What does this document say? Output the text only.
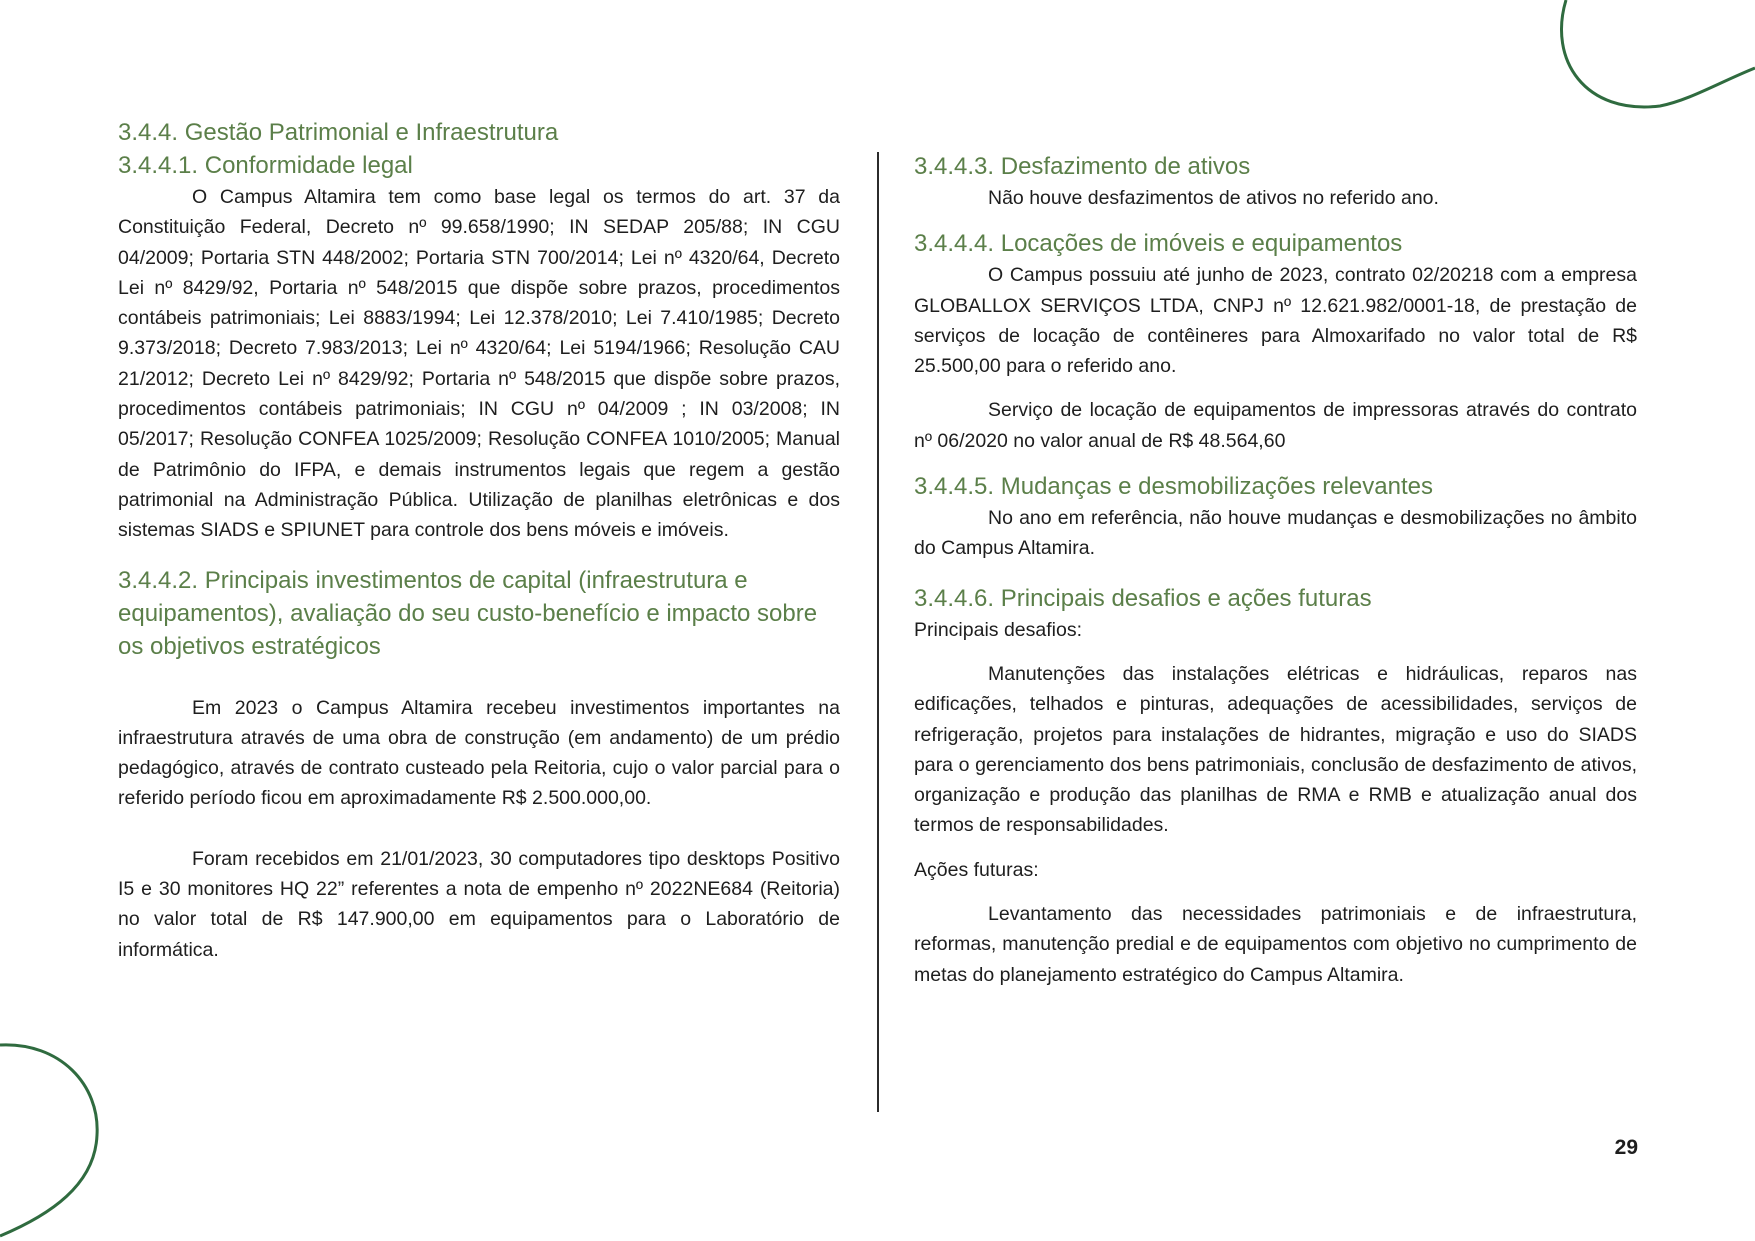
3.4.4. Gestão Patrimonial e Infraestrutura
3.4.4.1. Conformidade legal

O Campus Altamira tem como base legal os termos do art. 37 da Constituição Federal, Decreto nº 99.658/1990; IN SEDAP 205/88; IN CGU 04/2009; Portaria STN 448/2002; Portaria STN 700/2014; Lei nº 4320/64, Decreto Lei nº 8429/92, Portaria nº 548/2015 que dispõe sobre prazos, procedimentos contábeis patrimoniais; Lei 8883/1994; Lei 12.378/2010; Lei 7.410/1985; Decreto 9.373/2018; Decreto 7.983/2013; Lei nº 4320/64; Lei 5194/1966; Resolução CAU 21/2012; Decreto Lei nº 8429/92; Portaria nº 548/2015 que dispõe sobre prazos, procedimentos contábeis patrimoniais; IN CGU nº 04/2009 ; IN 03/2008; IN 05/2017; Resolução CONFEA 1025/2009; Resolução CONFEA 1010/2005; Manual de Patrimônio do IFPA, e demais instrumentos legais que regem a gestão patrimonial na Administração Pública. Utilização de planilhas eletrônicas e dos sistemas SIADS e SPIUNET para controle dos bens móveis e imóveis.

3.4.4.2. Principais investimentos de capital (infraestrutura e equipamentos), avaliação do seu custo-benefício e impacto sobre os objetivos estratégicos

Em 2023 o Campus Altamira recebeu investimentos importantes na infraestrutura através de uma obra de construção (em andamento) de um prédio pedagógico, através de contrato custeado pela Reitoria, cujo o valor parcial para o referido período ficou em aproximadamente R$ 2.500.000,00.

Foram recebidos em 21/01/2023, 30 computadores tipo desktops Positivo I5 e 30 monitores HQ 22” referentes a nota de empenho nº 2022NE684 (Reitoria) no valor total de R$ 147.900,00 em equipamentos para o Laboratório de informática.

3.4.4.3. Desfazimento de ativos

Não houve desfazimentos de ativos no referido ano.

3.4.4.4. Locações de imóveis e equipamentos

O Campus possuiu até junho de 2023, contrato 02/20218 com a empresa GLOBALLOX SERVIÇOS LTDA, CNPJ nº 12.621.982/0001-18, de prestação de serviços de locação de contêineres para Almoxarifado no valor total de R$ 25.500,00 para o referido ano.

Serviço de locação de equipamentos de impressoras através do contrato nº 06/2020 no valor anual de R$ 48.564,60

3.4.4.5. Mudanças e desmobilizações relevantes

No ano em referência, não houve mudanças e desmobilizações no âmbito do Campus Altamira.

3.4.4.6. Principais desafios e ações futuras

Principais desafios:

Manutenções das instalações elétricas e hidráulicas, reparos nas edificações, telhados e pinturas, adequações de acessibilidades, serviços de refrigeração, projetos para instalações de hidrantes, migração e uso do SIADS para o gerenciamento dos bens patrimoniais, conclusão de desfazimento de ativos, organização e produção das planilhas de RMA e RMB e atualização anual dos termos de responsabilidades.

Ações futuras:

Levantamento das necessidades patrimoniais e de infraestrutura, reformas, manutenção predial e de equipamentos com objetivo no cumprimento de metas do planejamento estratégico do Campus Altamira.

29
